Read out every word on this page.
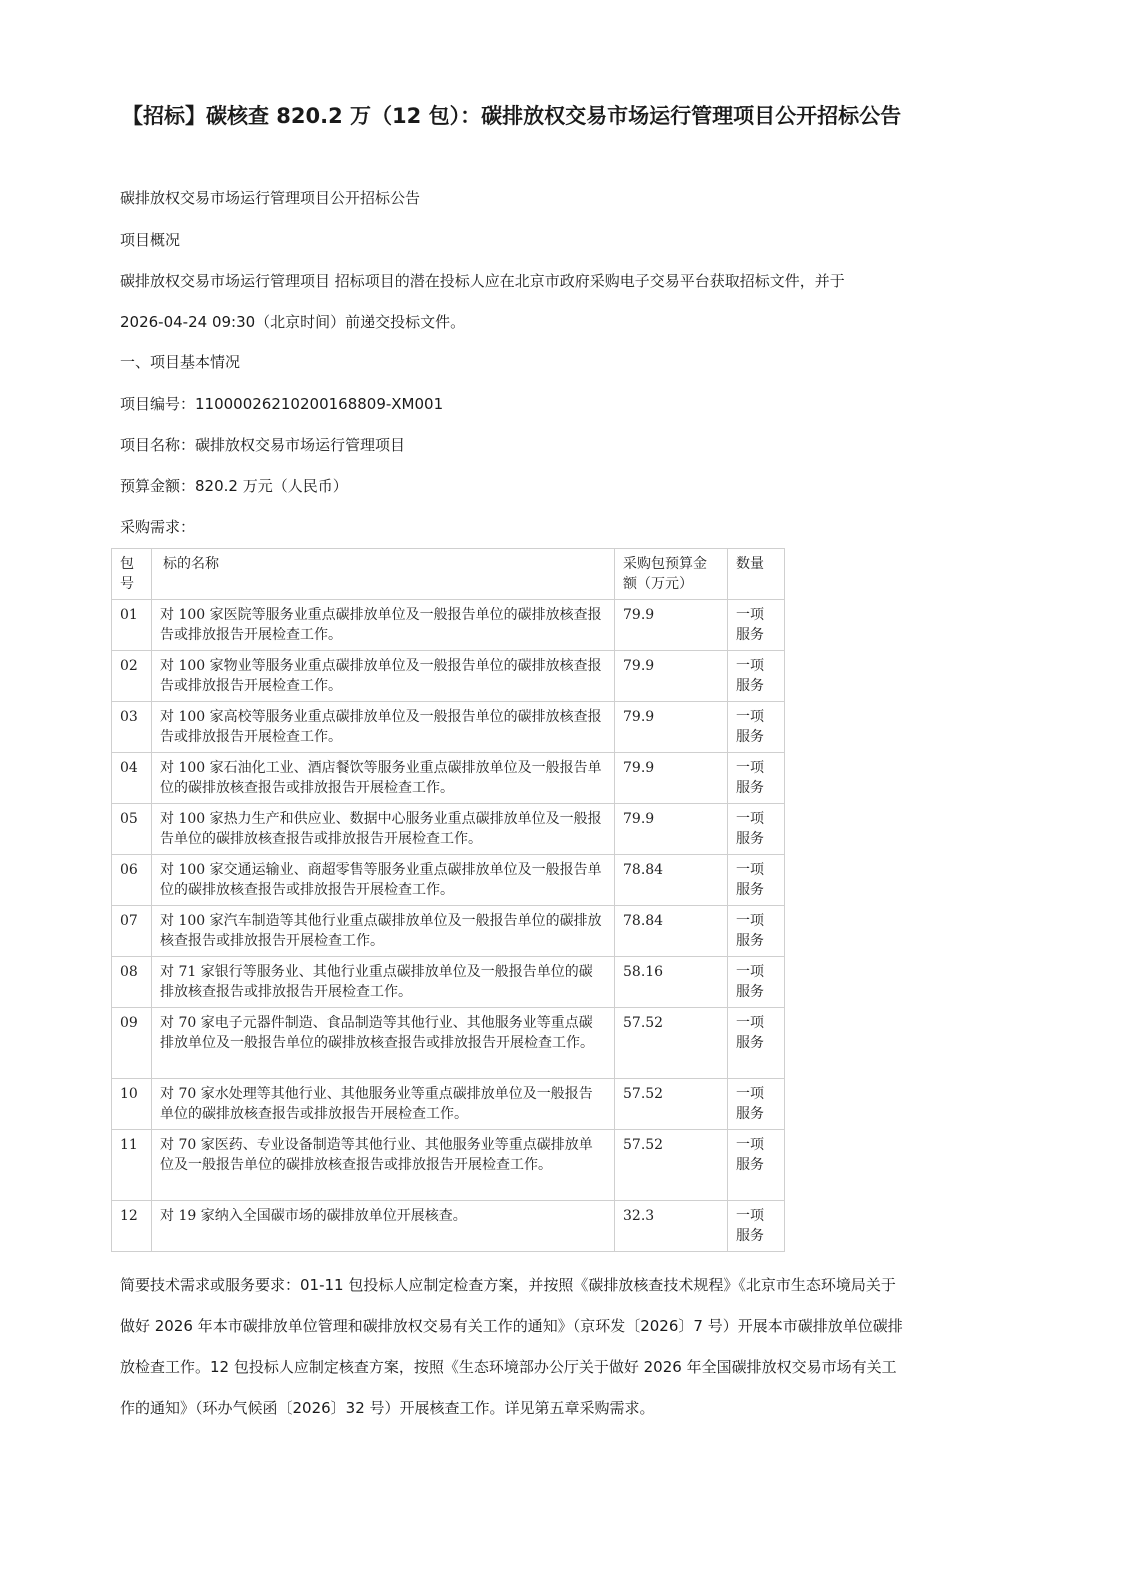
【招标】碳核查 820.2 万（12 包）：碳排放权交易市场运行管理项目公开招标公告
碳排放权交易市场运行管理项目公开招标公告
项目概况
碳排放权交易市场运行管理项目 招标项目的潜在投标人应在北京市政府采购电子交易平台获取招标文件，并于
2026-04-24 09:30（北京时间）前递交投标文件。
一、项目基本情况
项目编号：11000026210200168809-XM001
项目名称：碳排放权交易市场运行管理项目
预算金额：820.2 万元（人民币）
采购需求：
包号	标的名称	采购包预算金额（万元）	数量
01	对 100 家医院等服务业重点碳排放单位及一般报告单位的碳排放核查报告或排放报告开展检查工作。	79.9	一项服务
02	对 100 家物业等服务业重点碳排放单位及一般报告单位的碳排放核查报告或排放报告开展检查工作。	79.9	一项服务
03	对 100 家高校等服务业重点碳排放单位及一般报告单位的碳排放核查报告或排放报告开展检查工作。	79.9	一项服务
04	对 100 家石油化工业、酒店餐饮等服务业重点碳排放单位及一般报告单位的碳排放核查报告或排放报告开展检查工作。	79.9	一项服务
05	对 100 家热力生产和供应业、数据中心服务业重点碳排放单位及一般报告单位的碳排放核查报告或排放报告开展检查工作。	79.9	一项服务
06	对 100 家交通运输业、商超零售等服务业重点碳排放单位及一般报告单位的碳排放核查报告或排放报告开展检查工作。	78.84	一项服务
07	对 100 家汽车制造等其他行业重点碳排放单位及一般报告单位的碳排放核查报告或排放报告开展检查工作。	78.84	一项服务
08	对 71 家银行等服务业、其他行业重点碳排放单位及一般报告单位的碳排放核查报告或排放报告开展检查工作。	58.16	一项服务
09	对 70 家电子元器件制造、食品制造等其他行业、其他服务业等重点碳排放单位及一般报告单位的碳排放核查报告或排放报告开展检查工作。	57.52	一项服务
10	对 70 家水处理等其他行业、其他服务业等重点碳排放单位及一般报告单位的碳排放核查报告或排放报告开展检查工作。	57.52	一项服务
11	对 70 家医药、专业设备制造等其他行业、其他服务业等重点碳排放单位及一般报告单位的碳排放核查报告或排放报告开展检查工作。	57.52	一项服务
12	对 19 家纳入全国碳市场的碳排放单位开展核查。	32.3	一项服务
简要技术需求或服务要求：01-11 包投标人应制定检查方案，并按照《碳排放核查技术规程》《北京市生态环境局关于
做好 2026 年本市碳排放单位管理和碳排放权交易有关工作的通知》（京环发〔2026〕7 号）开展本市碳排放单位碳排
放检查工作。12 包投标人应制定核查方案，按照《生态环境部办公厅关于做好 2026 年全国碳排放权交易市场有关工
作的通知》（环办气候函〔2026〕32 号）开展核查工作。详见第五章采购需求。
